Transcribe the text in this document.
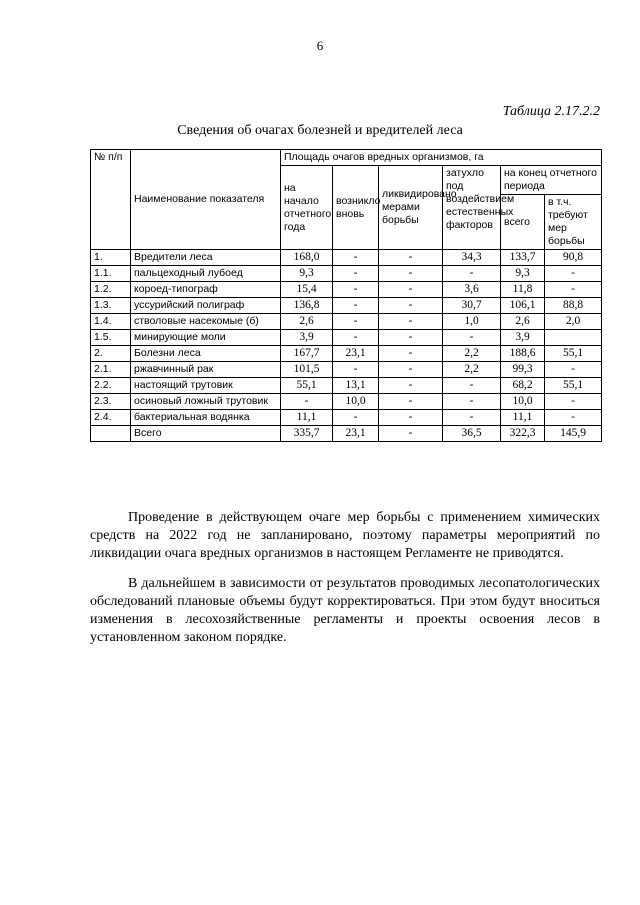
6
Таблица 2.17.2.2
Сведения об очагах болезней и вредителей леса
№ п/п	Наименование показателя	Площадь очагов вредных организмов, га					
		на начало отчетного года	возникло вновь	ликвидировано мерами борьбы	затухло под воздействием естественных факторов	на конец отчетного периода	
						всего	в т.ч. требуют мер борьбы
1.	Вредители леса	168,0	-	-	34,3	133,7	90,8
1.1.	пальцеходный лубоед	9,3	-	-	-	9,3	-
1.2.	короед-типограф	15,4	-	-	3,6	11,8	-
1.3.	уссурийский полиграф	136,8	-	-	30,7	106,1	88,8
1.4.	стволовые насекомые (б)	2,6	-	-	1,0	2,6	2,0
1.5.	минирующие моли	3,9	-	-	-	3,9	
2.	Болезни леса	167,7	23,1	-	2,2	188,6	55,1
2.1.	ржавчинный рак	101,5	-	-	2,2	99,3	-
2.2.	настоящий трутовик	55,1	13,1	-	-	68,2	55,1
2.3.	осиновый ложный трутовик	-	10,0	-	-	10,0	-
2.4.	бактериальная водянка	11,1	-	-	-	11,1	-
	Всего	335,7	23,1	-	36,5	322,3	145,9

Проведение в действующем очаге мер борьбы с применением химических средств на 2022 год не запланировано, поэтому параметры мероприятий по ликвидации очага вредных организмов в настоящем Регламенте не приводятся.

В дальнейшем в зависимости от результатов проводимых лесопатологических обследований плановые объемы будут корректироваться. При этом будут вноситься изменения в лесохозяйственные регламенты и проекты освоения лесов в установленном законом порядке.
